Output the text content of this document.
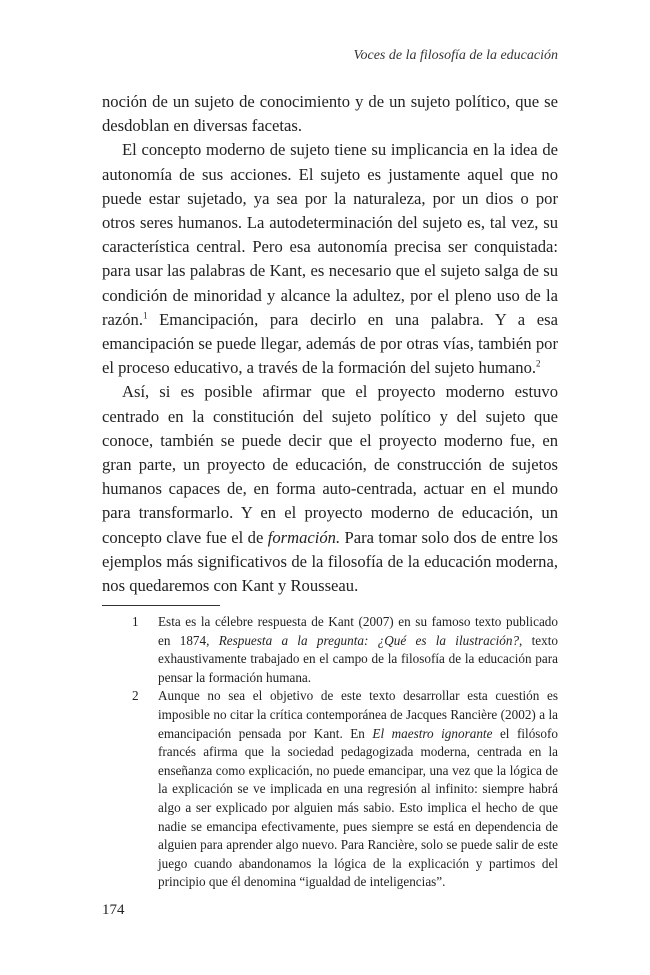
Voces de la filosofía de la educación

noción de un sujeto de conocimiento y de un sujeto político, que se desdoblan en diversas facetas.

El concepto moderno de sujeto tiene su implicancia en la idea de autonomía de sus acciones. El sujeto es justamente aquel que no puede estar sujetado, ya sea por la naturaleza, por un dios o por otros seres humanos. La autodeterminación del sujeto es, tal vez, su característica central. Pero esa autonomía precisa ser conquistada: para usar las palabras de Kant, es necesario que el sujeto salga de su condición de minoridad y alcance la adultez, por el pleno uso de la razón.$^1$ Emancipación, para decirlo en una palabra. Y a esa emancipación se puede llegar, además de por otras vías, también por el proceso educativo, a través de la formación del sujeto humano.$^2$

Así, si es posible afirmar que el proyecto moderno estuvo centrado en la constitución del sujeto político y del sujeto que conoce, también se puede decir que el proyecto moderno fue, en gran parte, un proyecto de educación, de construcción de sujetos humanos capaces de, en forma auto-centrada, actuar en el mundo para transformarlo. Y en el proyecto moderno de educación, un concepto clave fue el de formación. Para tomar solo dos de entre los ejemplos más significativos de la filosofía de la educación moderna, nos quedaremos con Kant y Rousseau.

1	Esta es la célebre respuesta de Kant (2007) en su famoso texto publicado en 1874, Respuesta a la pregunta: ¿Qué es la ilustración?, texto exhaustivamente trabajado en el campo de la filosofía de la educación para pensar la formación humana.
2	Aunque no sea el objetivo de este texto desarrollar esta cuestión es imposible no citar la crítica contemporánea de Jacques Rancière (2002) a la emancipación pensada por Kant. En El maestro ignorante el filósofo francés afirma que la sociedad pedagogizada moderna, centrada en la enseñanza como explicación, no puede emancipar, una vez que la lógica de la explicación se ve implicada en una regresión al infinito: siempre habrá algo a ser explicado por alguien más sabio. Esto implica el hecho de que nadie se emancipa efectivamente, pues siempre se está en dependencia de alguien para aprender algo nuevo. Para Rancière, solo se puede salir de este juego cuando abandonamos la lógica de la explicación y partimos del principio que él denomina “igualdad de inteligencias”.
174
